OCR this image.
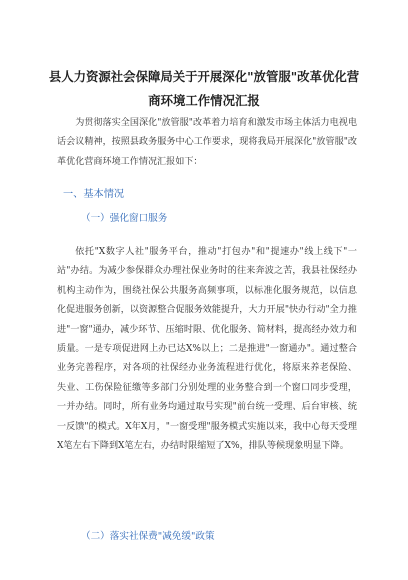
县人力资源社会保障局关于开展深化"放管服"改革优化营
商环境工作情况汇报

为贯彻落实全国深化"放管服"改革着力培育和激发市场主体活力电视电话会议精神，按照县政务服务中心工作要求，现将我局开展深化"放管服"改革优化营商环境工作情况汇报如下：

一、基本情况
（一）强化窗口服务

依托"X数字人社"服务平台，推动"打包办"和"提速办"线上线下"一站"办结。为减少参保群众办理社保业务时的往来奔波之苦，我县社保经办机构主动作为，围绕社保公共服务高频事项，以标准化服务规范，以信息化促进服务创新，以资源整合促服务效能提升，大力开展"快办行动"全力推进"一窗"通办，减少环节、压缩时限、优化服务、简材料，提高经办效力和质量。一是专项促进网上办已达X%以上；二是推进"一窗通办"。通过整合业务完善程序，对各项的社保经办业务流程进行优化，将原来养老保险、失业、工伤保险征缴等多部门分别处理的业务整合到一个窗口同步受理，一并办结。同时，所有业务均通过取号实现"前台统一受理、后台审核、统一反馈"的模式。X年X月，"一窗受理"服务模式实施以来，我中心每天受理X笔左右下降到X笔左右，办结时限缩短了X%，排队等候现象明显下降。

（二）落实社保费"减免缓"政策
